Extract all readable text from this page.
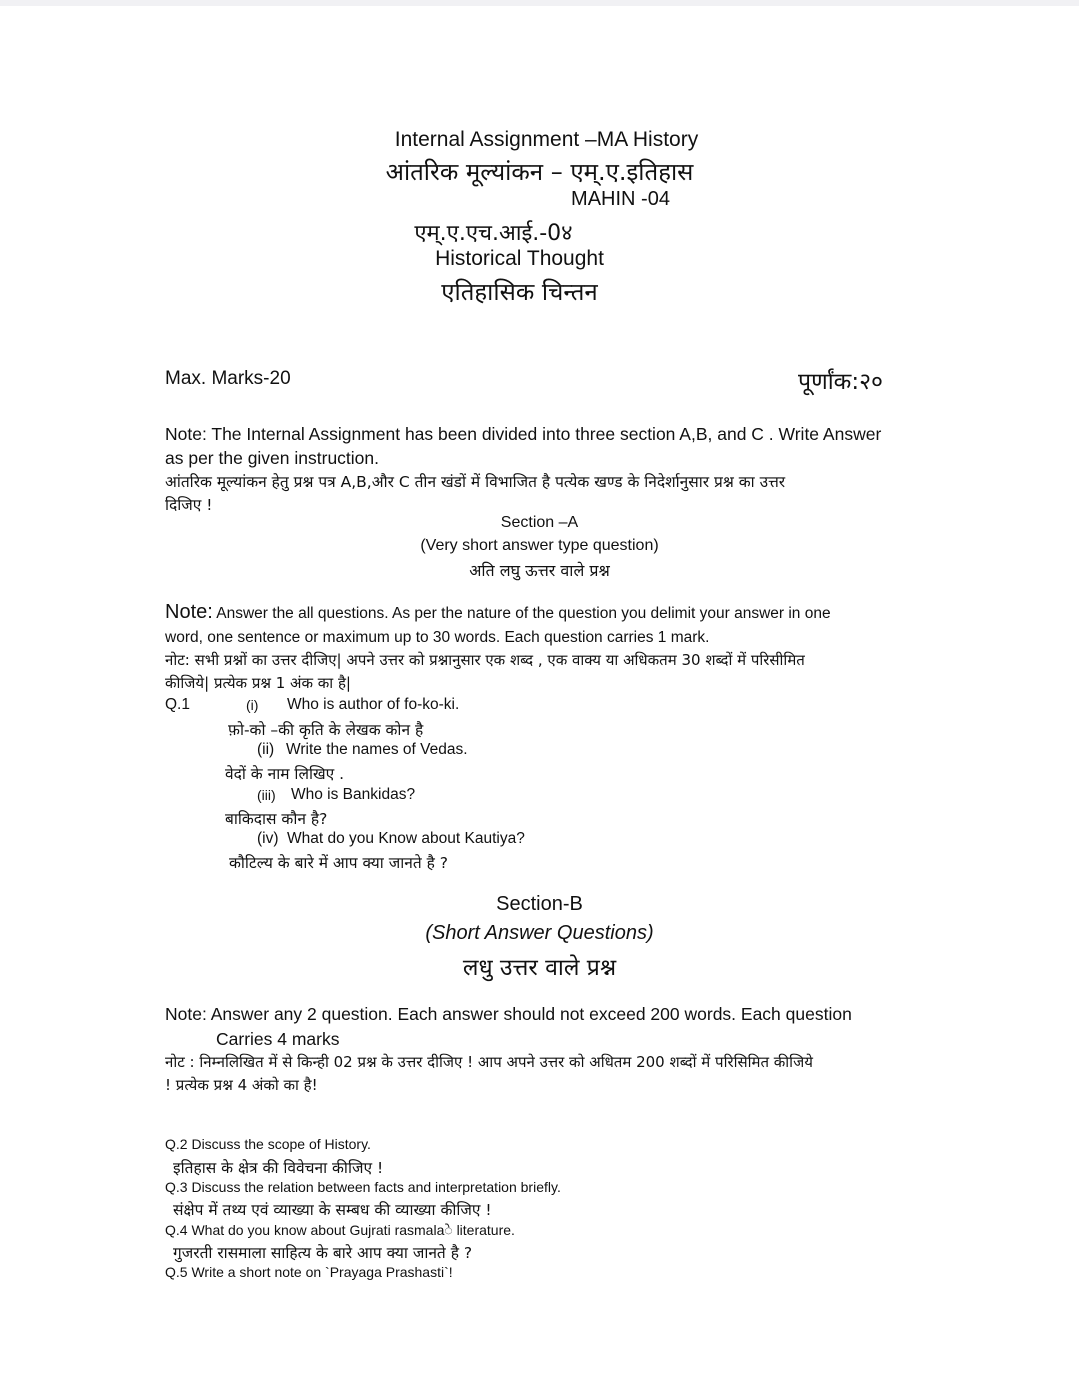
Internal Assignment –MA History
आंतरिक मूल्यांकन – एम्.ए.इतिहास
MAHIN -04
एम्.ए.एच.आई.-0४
Historical Thought
एतिहासिक चिन्तन
Max. Marks-20	पूर्णांक:२०
Note: The Internal Assignment has been divided into three section A,B, and C . Write Answer
as per the given instruction.
आंतरिक मूल्यांकन हेतु प्रश्न पत्र A,B,और C तीन खंडों में विभाजित है पत्येक खण्ड के निदेर्शानुसार प्रश्न का उत्तर
दिजिए !
Section –A
(Very short answer type question)
अति लघु ऊत्तर वाले प्रश्न
Note: Answer the all questions. As per the nature of the question you delimit your answer in one
word, one sentence or maximum up to 30 words. Each question carries 1 mark.
नोट: सभी प्रश्नों का उत्तर दीजिए| अपने उत्तर को प्रश्नानुसार एक शब्द , एक वाक्य या अधिकतम 30 शब्दों में परिसीमित
कीजिये| प्रत्येक प्रश्न 1 अंक का है|
Q.1	(i) Who is author of fo-ko-ki.
फ़ो-को –की कृति के लेखक कोन है
(ii) Write the names of Vedas.
वेदों के नाम लिखिए .
(iii) Who is Bankidas?
बाकिदास कौन है?
(iv) What do you Know about Kautiya?
कौटिल्य के बारे में आप क्या जानते है ?
Section-B
(Short Answer Questions)
लधु उत्तर वाले प्रश्न
Note: Answer any 2 question. Each answer should not exceed 200 words. Each question
Carries 4 marks
नोट : निम्नलिखित में से किन्ही 02 प्रश्न के उत्तर दीजिए ! आप अपने उत्तर को अधितम 200 शब्दों में परिसिमित कीजिये
! प्रत्येक प्रश्न 4 अंको का है!
Q.2 Discuss the scope of History.
इतिहास के क्षेत्र की विवेचना कीजिए !
Q.3 Discuss the relation between facts and interpretation briefly.
संक्षेप में तथ्य एवं व्याख्या के सम्बध की व्याख्या कीजिए !
Q.4 What do you know about Gujrati rasmalaे literature.
गुजरती रासमाला साहित्य के बारे आप क्या जानते है ?
Q.5 Write a short note on `Prayaga Prashasti`!
